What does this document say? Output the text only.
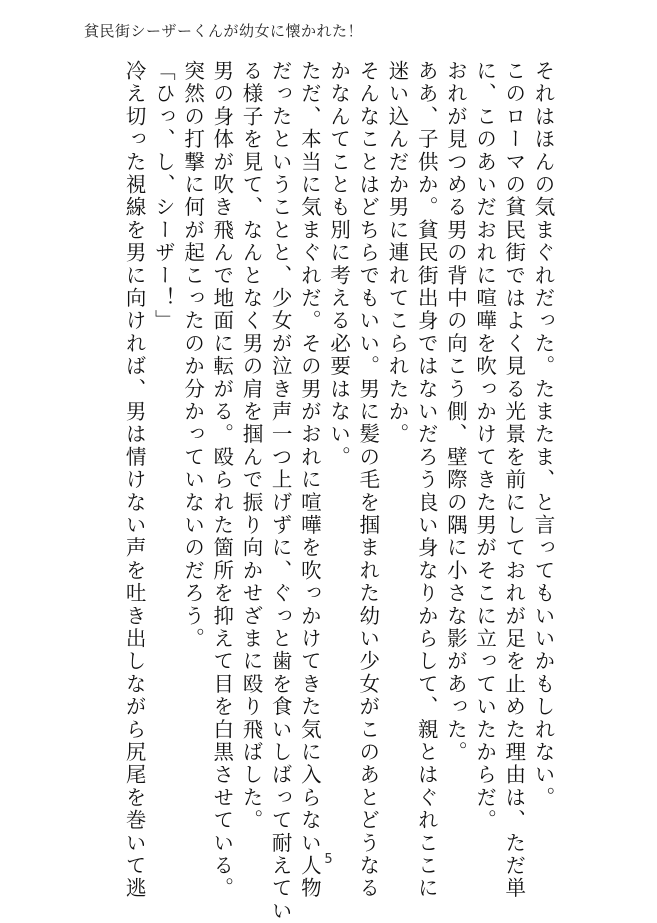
貧民街シーザーくんが幼女に懐かれた！

それはほんの気まぐれだった。たまたま、と言ってもいいかもしれない。

このローマの貧民街ではよく見る光景を前にしておれが足を止めた理由は、ただ単

に、このあいだおれに喧嘩を吹っかけてきた男がそこに立っていたからだ。

おれが見つめる男の背中の向こう側、壁際の隅に小さな影があった。

ああ、子供か。貧民街出身ではないだろう良い身なりからして、親とはぐれここに

迷い込んだか男に連れてこられたか。

そんなことはどちらでもいい。男に髪の毛を掴まれた幼い少女がこのあとどうなる

かなんてことも別に考える必要はない。

ただ、本当に気まぐれだ。その男がおれに喧嘩を吹っかけてきた気に入らない人物

だったということと、少女が泣き声一つ上げずに、ぐっと歯を食いしばって耐えてい

る様子を見て、なんとなく男の肩を掴んで振り向かせざまに殴り飛ばした。

男の身体が吹き飛んで地面に転がる。殴られた箇所を抑えて目を白黒させている。

突然の打撃に何が起こったのか分かっていないのだろう。

「ひっ、し、シーザー！」

冷え切った視線を男に向ければ、男は情けない声を吐き出しながら尻尾を巻いて逃	5
